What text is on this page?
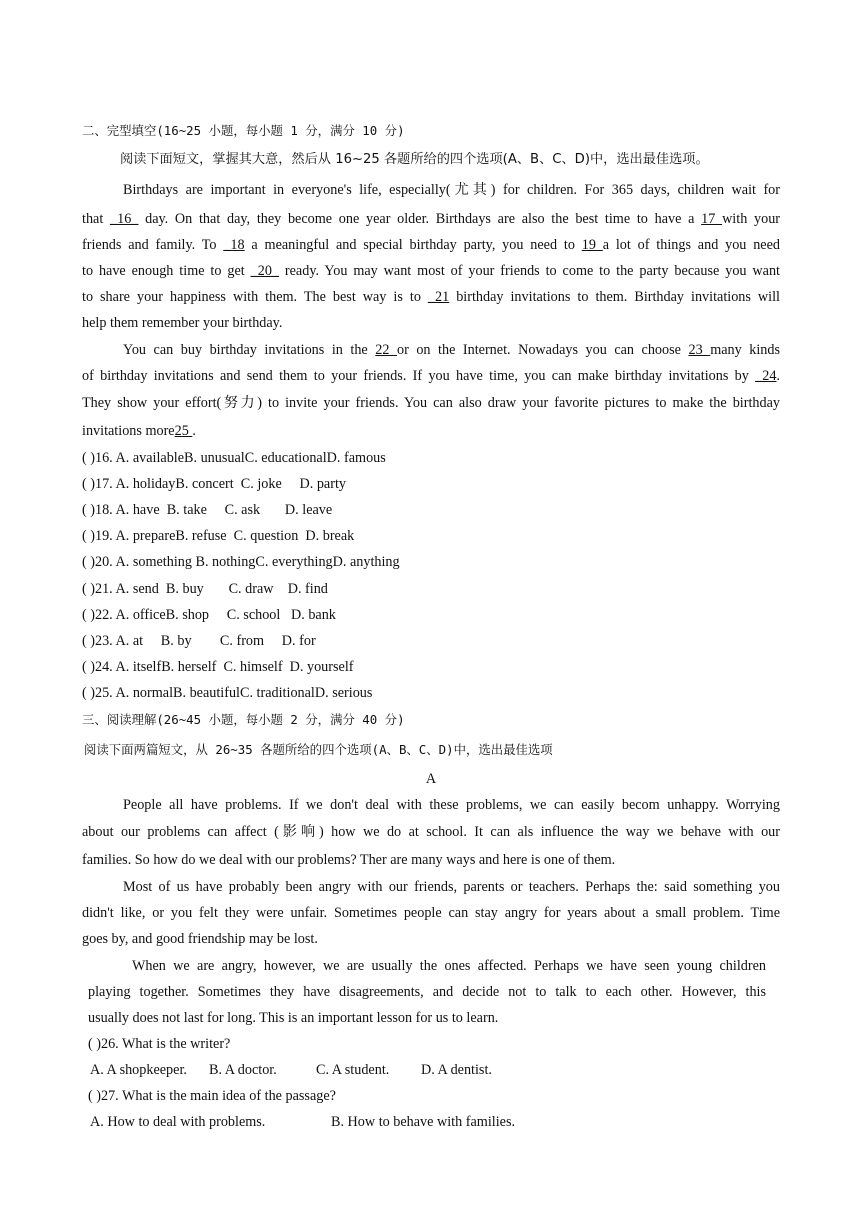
二、完型填空(16~25 小题，每小题 1 分，满分 10 分)
阅读下面短文，掌握其大意，然后从 16~25 各题所给的四个选项(A、B、C、D)中，选出最佳选项。
Birthdays are important in everyone's life, especially(尤其) for children. For 365 days, children wait for
that _16_ day. On that day, they become one year older. Birthdays are also the best time to have a 17 with your
friends and family. To _18 a meaningful and special birthday party, you need to 19 a lot of things and you need
to have enough time to get _20_ ready. You may want most of your friends to come to the party because you want
to share your happiness with them. The best way is to _21 birthday invitations to them. Birthday invitations will
help them remember your birthday.
You can buy birthday invitations in the 22 or on the Internet. Nowadays you can choose 23 many kinds
of birthday invitations and send them to your friends. If you have time, you can make birthday invitations by _24.
They show your effort(努力) to invite your friends. You can also draw your favorite pictures to make the birthday
invitations more25 .
( )16. A. availableB. unusualC. educationalD. famous
( )17. A. holidayB. concert  C. joke     D. party
( )18. A. have  B. take     C. ask       D. leave
( )19. A. prepareB. refuse  C. question  D. break
( )20. A. something B. nothingC. everythingD. anything
( )21. A. send  B. buy       C. draw    D. find
( )22. A. officeB. shop     C. school   D. bank
( )23. A. at     B. by        C. from     D. for
( )24. A. itselfB. herself  C. himself  D. yourself
( )25. A. normalB. beautifulC. traditionalD. serious
三、阅读理解(26~45 小题，每小题 2 分，满分 40 分)
阅读下面两篇短文，从 26~35 各题所给的四个选项(A、B、C、D)中，选出最佳选项
A
People all have problems. If we don't deal with these problems, we can easily becom unhappy. Worrying
about our problems can affect (影响) how we do at school. It can als influence the way we behave with our
families. So how do we deal with our problems? Ther are many ways and here is one of them.
Most of us have probably been angry with our friends, parents or teachers. Perhaps the: said something you
didn't like, or you felt they were unfair. Sometimes people can stay angry for years about a small problem. Time
goes by, and good friendship may be lost.
When we are angry, however, we are usually the ones affected. Perhaps we have seen young children
playing together. Sometimes they have disagreements, and decide not to talk to each other. However, this
usually does not last for long. This is an important lesson for us to learn.
( )26. What is the writer?
A. A shopkeeper.	B. A doctor.	C. A student.	D. A dentist.
( )27. What is the main idea of the passage?
A. How to deal with problems.	B. How to behave with families.
